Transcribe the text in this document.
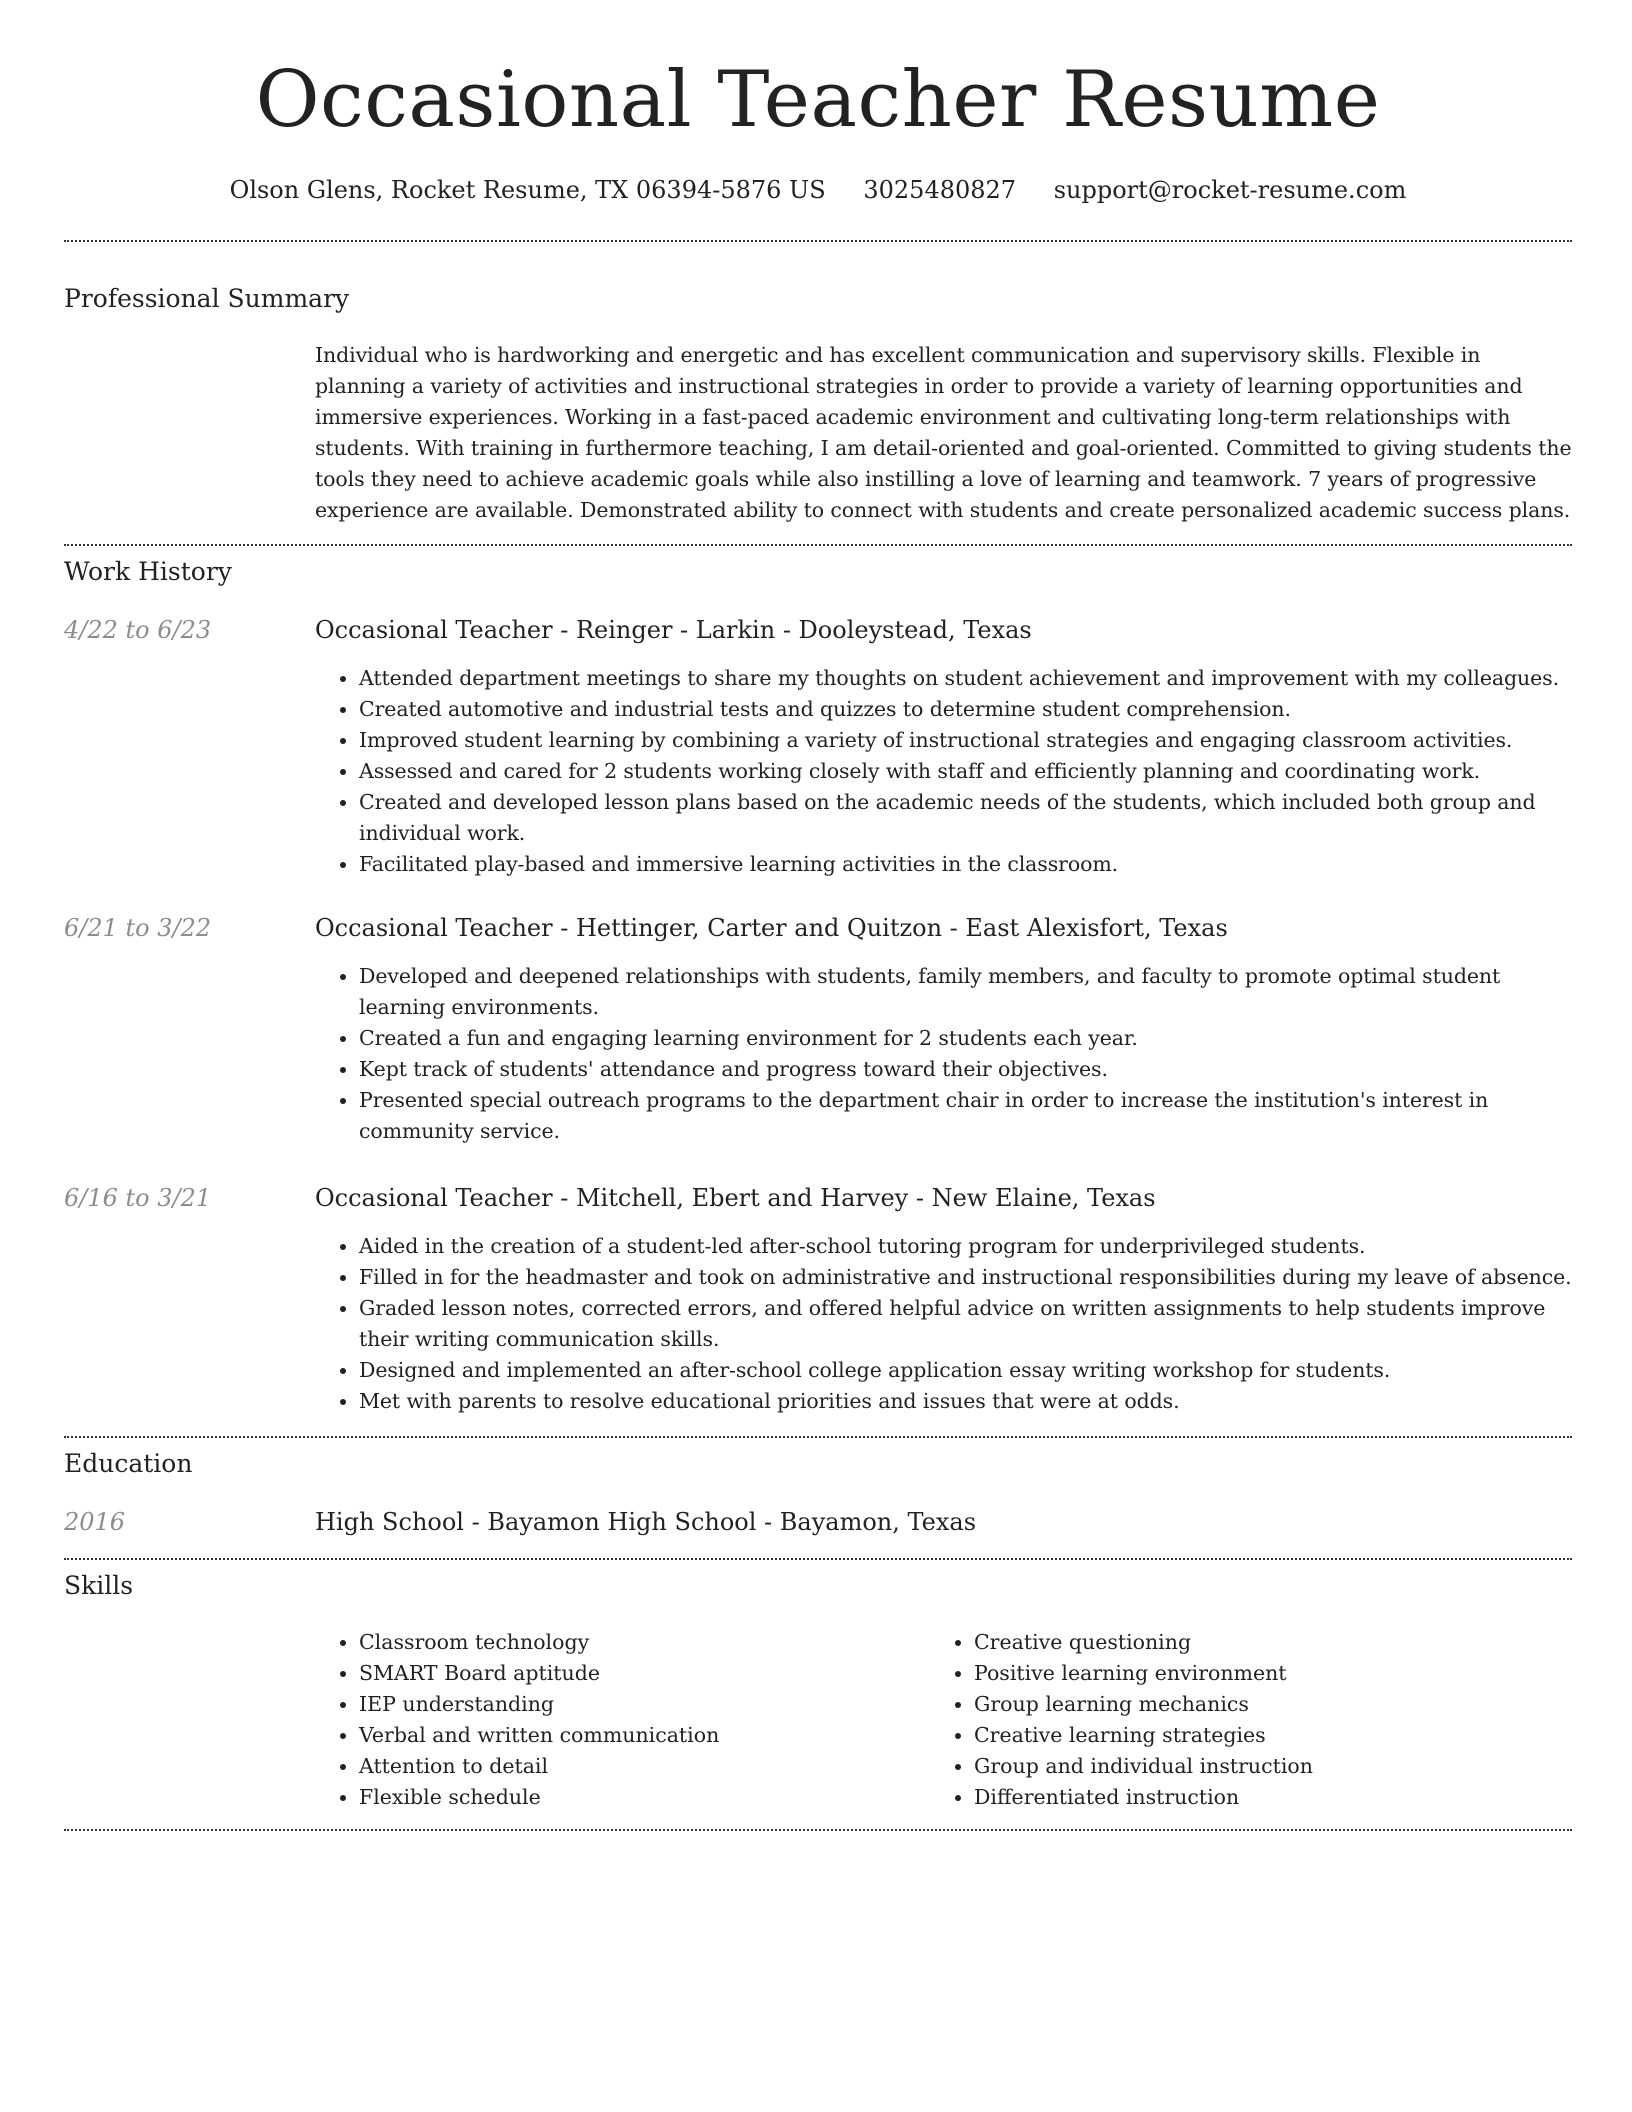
Occasional Teacher Resume
Olson Glens, Rocket Resume, TX 06394-5876 US 3025480827 support@rocket-resume.com
Professional Summary

Individual who is hardworking and energetic and has excellent communication and supervisory skills. Flexible in planning a variety of activities and instructional strategies in order to provide a variety of learning opportunities and immersive experiences. Working in a fast-paced academic environment and cultivating long-term relationships with students. With training in furthermore teaching, I am detail-oriented and goal-oriented. Committed to giving students the tools they need to achieve academic goals while also instilling a love of learning and teamwork. 7 years of progressive experience are available. Demonstrated ability to connect with students and create personalized academic success plans.

Work History
4/22 to 6/23	Occasional Teacher - Reinger - Larkin - Dooleystead, Texas
• Attended department meetings to share my thoughts on student achievement and improvement with my colleagues.
• Created automotive and industrial tests and quizzes to determine student comprehension.
• Improved student learning by combining a variety of instructional strategies and engaging classroom activities.
• Assessed and cared for 2 students working closely with staff and efficiently planning and coordinating work.
• Created and developed lesson plans based on the academic needs of the students, which included both group and individual work.
• Facilitated play-based and immersive learning activities in the classroom.
6/21 to 3/22	Occasional Teacher - Hettinger, Carter and Quitzon - East Alexisfort, Texas
• Developed and deepened relationships with students, family members, and faculty to promote optimal student learning environments.
• Created a fun and engaging learning environment for 2 students each year.
• Kept track of students' attendance and progress toward their objectives.
• Presented special outreach programs to the department chair in order to increase the institution's interest in community service.
6/16 to 3/21	Occasional Teacher - Mitchell, Ebert and Harvey - New Elaine, Texas
• Aided in the creation of a student-led after-school tutoring program for underprivileged students.
• Filled in for the headmaster and took on administrative and instructional responsibilities during my leave of absence.
• Graded lesson notes, corrected errors, and offered helpful advice on written assignments to help students improve their writing communication skills.
• Designed and implemented an after-school college application essay writing workshop for students.
• Met with parents to resolve educational priorities and issues that were at odds.
Education
2016	High School - Bayamon High School - Bayamon, Texas
Skills
• Classroom technology
• SMART Board aptitude
• IEP understanding
• Verbal and written communication
• Attention to detail
• Flexible schedule
• Creative questioning
• Positive learning environment
• Group learning mechanics
• Creative learning strategies
• Group and individual instruction
• Differentiated instruction
